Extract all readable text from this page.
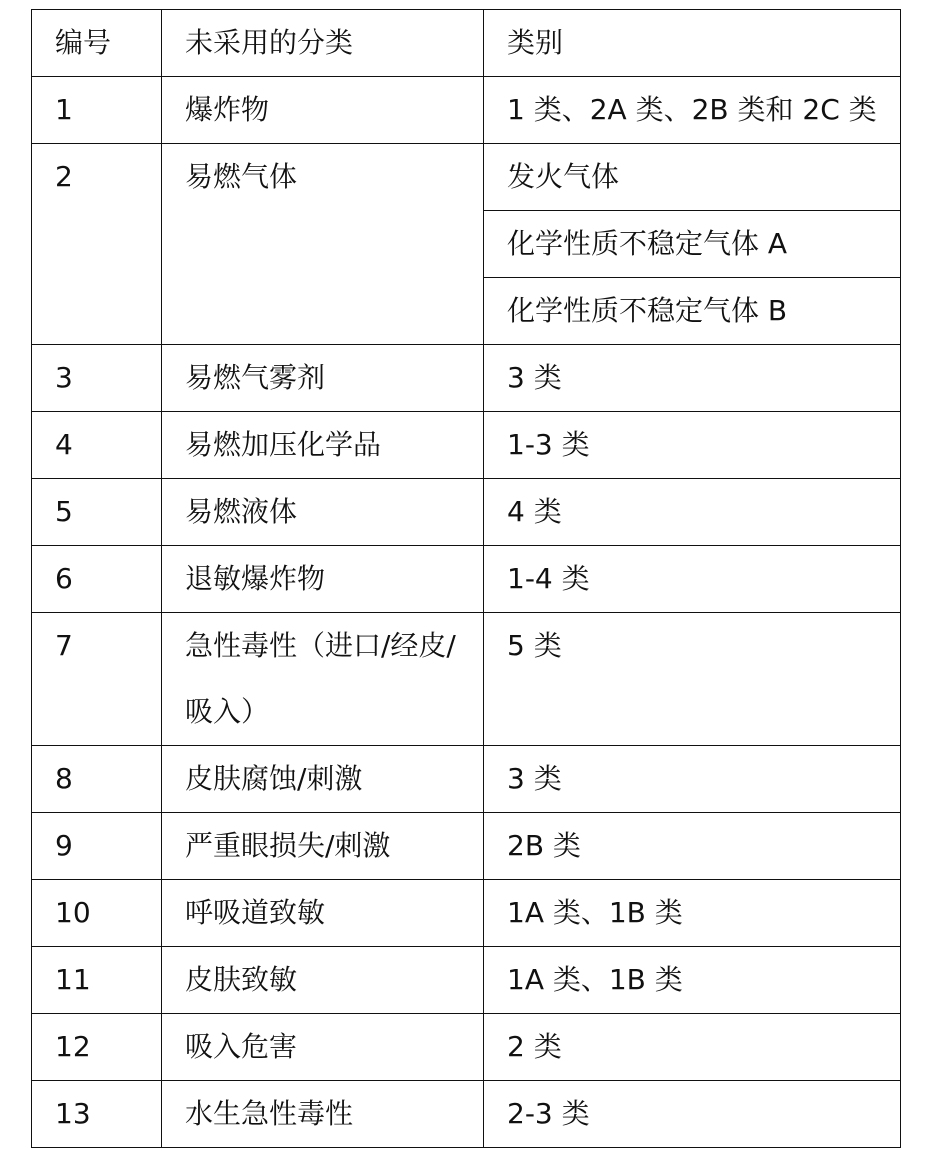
编号	未采用的分类	类别
1	爆炸物	1 类、2A 类、2B 类和 2C 类
2	易燃气体	发火气体
		化学性质不稳定气体 A
		化学性质不稳定气体 B
3	易燃气雾剂	3 类
4	易燃加压化学品	1-3 类
5	易燃液体	4 类
6	退敏爆炸物	1-4 类
7	急性毒性（进口/经皮/吸入）	5 类
8	皮肤腐蚀/刺激	3 类
9	严重眼损失/刺激	2B 类
10	呼吸道致敏	1A 类、1B 类
11	皮肤致敏	1A 类、1B 类
12	吸入危害	2 类
13	水生急性毒性	2-3 类
